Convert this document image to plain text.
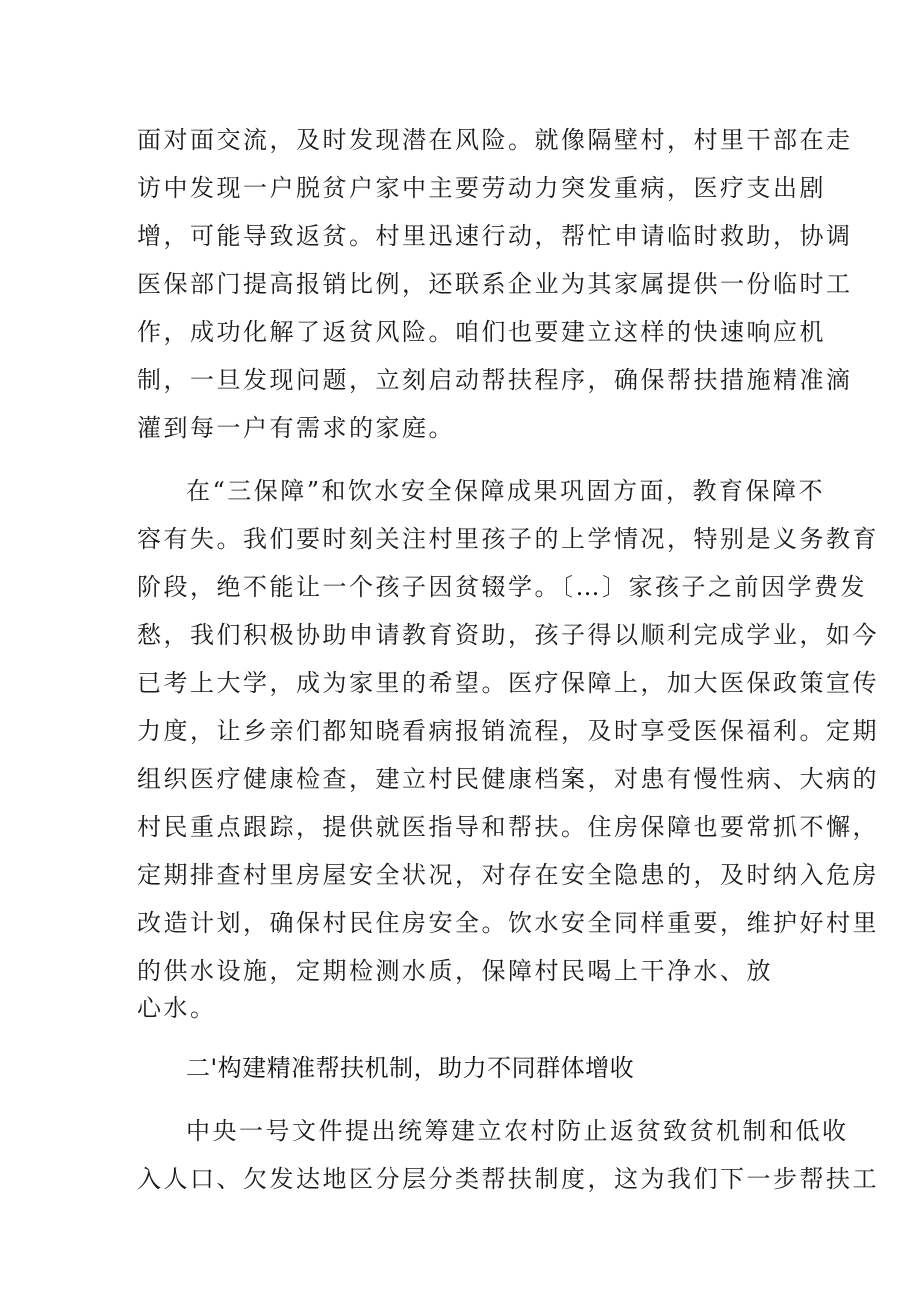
面对面交流，及时发现潜在风险。就像隔壁村，村里干部在走
访中发现一户脱贫户家中主要劳动力突发重病，医疗支出剧
增，可能导致返贫。村里迅速行动，帮忙申请临时救助，协调
医保部门提高报销比例，还联系企业为其家属提供一份临时工
作，成功化解了返贫风险。咱们也要建立这样的快速响应机
制，一旦发现问题，立刻启动帮扶程序，确保帮扶措施精准滴
灌到每一户有需求的家庭。
在“三保障”和饮水安全保障成果巩固方面，教育保障不
容有失。我们要时刻关注村里孩子的上学情况，特别是义务教育
阶段，绝不能让一个孩子因贫辍学。〔…〕家孩子之前因学费发
愁，我们积极协助申请教育资助，孩子得以顺利完成学业，如今
已考上大学，成为家里的希望。医疗保障上，加大医保政策宣传
力度，让乡亲们都知晓看病报销流程，及时享受医保福利。定期
组织医疗健康检查，建立村民健康档案，对患有慢性病、大病的
村民重点跟踪，提供就医指导和帮扶。住房保障也要常抓不懈，
定期排查村里房屋安全状况，对存在安全隐患的，及时纳入危房
改造计划，确保村民住房安全。饮水安全同样重要，维护好村里
的供水设施，定期检测水质，保障村民喝上干净水、放
心水。
二'构建精准帮扶机制，助力不同群体增收
中央一号文件提出统筹建立农村防止返贫致贫机制和低收
入人口、欠发达地区分层分类帮扶制度，这为我们下一步帮扶工
